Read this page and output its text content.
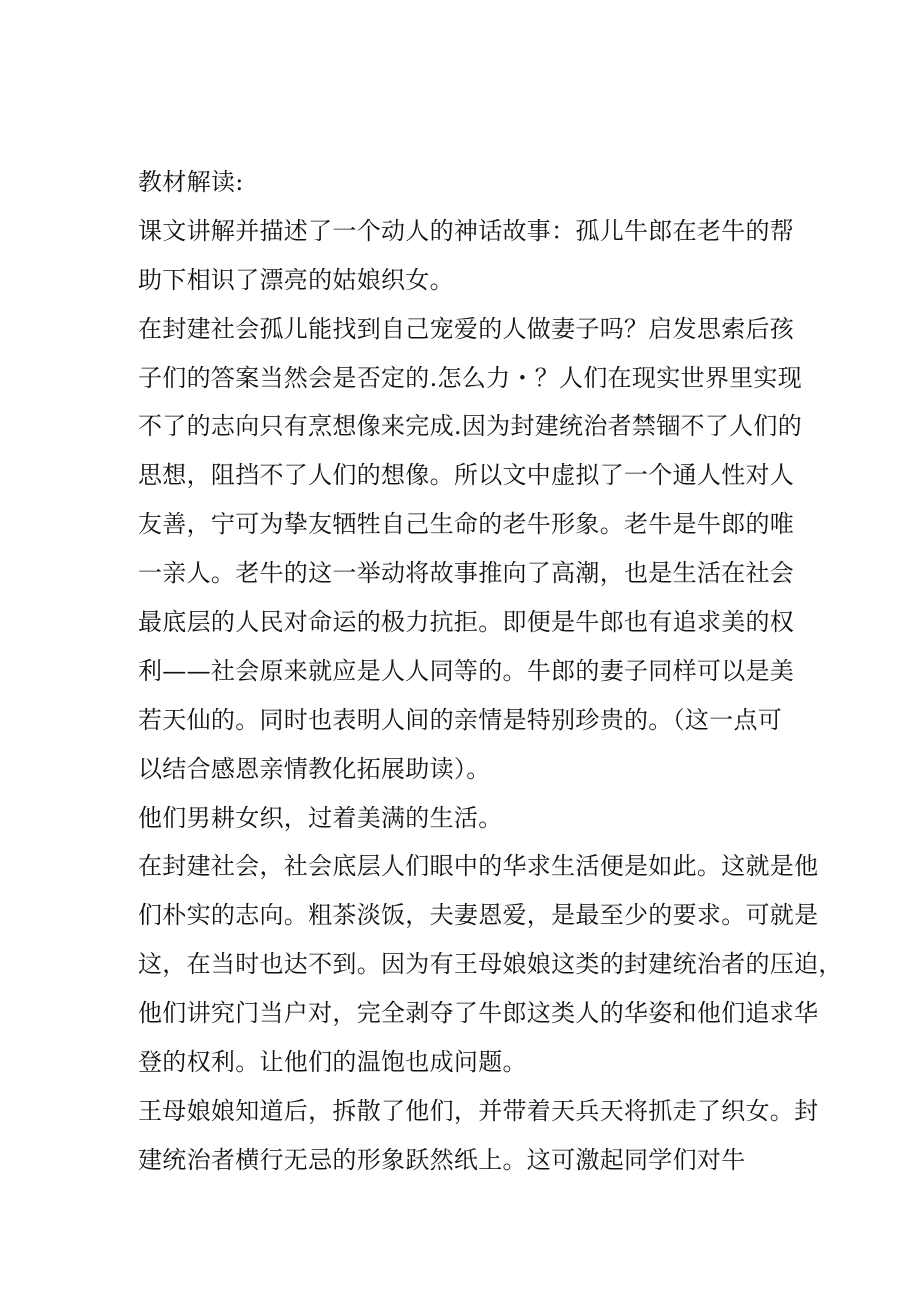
教材解读:
课文讲解并描述了一个动人的神话故事：孤儿牛郎在老牛的帮
助下相识了漂亮的姑娘织女。
在封建社会孤儿能找到自己宠爱的人做妻子吗？启发思索后孩
子们的答案当然会是否定的.怎么力・？人们在现实世界里实现
不了的志向只有烹想像来完成.因为封建统治者禁锢不了人们的
思想，阻挡不了人们的想像。所以文中虚拟了一个通人性对人
友善，宁可为挚友牺牲自己生命的老牛形象。老牛是牛郎的唯
一亲人。老牛的这一举动将故事推向了高潮，也是生活在社会
最底层的人民对命运的极力抗拒。即便是牛郎也有追求美的权
利——社会原来就应是人人同等的。牛郎的妻子同样可以是美
若天仙的。同时也表明人间的亲情是特别珍贵的。（这一点可
以结合感恩亲情教化拓展助读）。
他们男耕女织，过着美满的生活。
在封建社会，社会底层人们眼中的华求生活便是如此。这就是他
们朴实的志向。粗茶淡饭，夫妻恩爱，是最至少的要求。可就是
这，在当时也达不到。因为有王母娘娘这类的封建统治者的压迫，
他们讲究门当户对，完全剥夺了牛郎这类人的华姿和他们追求华
登的权利。让他们的温饱也成问题。
王母娘娘知道后，拆散了他们，并带着天兵天将抓走了织女。封
建统治者横行无忌的形象跃然纸上。这可激起同学们对牛
